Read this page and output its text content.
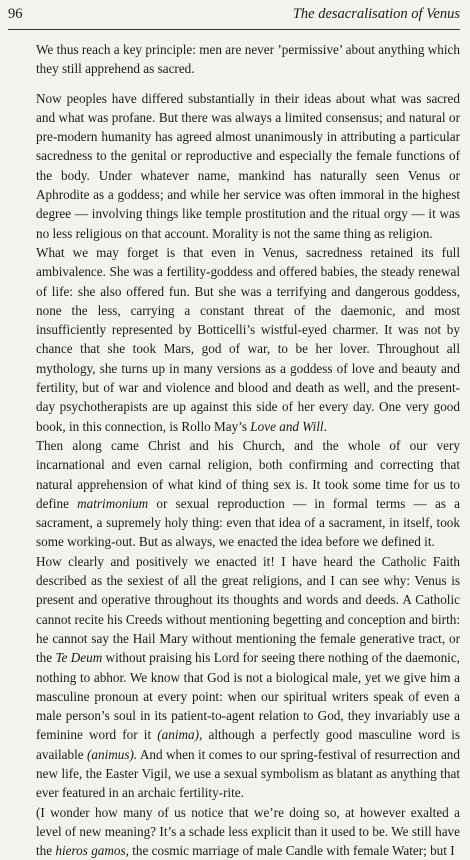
96	The desacralisation of Venus

We thus reach a key principle: men are never ’permissive’ about anything which they still apprehend as sacred.

Now peoples have differed substantially in their ideas about what was sacred and what was profane. But there was always a limited consensus; and natural or pre-modern humanity has agreed almost unanimously in attributing a particular sacredness to the genital or reproductive and especially the female functions of the body. Under whatever name, mankind has naturally seen Venus or Aphrodite as a goddess; and while her service was often immoral in the highest degree — involving things like temple prostitution and the ritual orgy — it was no less religious on that account. Morality is not the same thing as religion.

What we may forget is that even in Venus, sacredness retained its full ambivalence. She was a fertility-goddess and offered babies, the steady renewal of life: she also offered fun. But she was a terrifying and dangerous goddess, none the less, carrying a constant threat of the daemonic, and most insufficiently represented by Botticelli’s wistful-eyed charmer. It was not by chance that she took Mars, god of war, to be her lover. Throughout all mythology, she turns up in many versions as a goddess of love and beauty and fertility, but of war and violence and blood and death as well, and the present-day psychotherapists are up against this side of her every day. One very good book, in this connection, is Rollo May’s Love and Will.

Then along came Christ and his Church, and the whole of our very incarnational and even carnal religion, both confirming and correcting that natural apprehension of what kind of thing sex is. It took some time for us to define matrimonium or sexual reproduction — in formal terms — as a sacrament, a supremely holy thing: even that idea of a sacrament, in itself, took some working-out. But as always, we enacted the idea before we defined it.

How clearly and positively we enacted it! I have heard the Catholic Faith described as the sexiest of all the great religions, and I can see why: Venus is present and operative throughout its thoughts and words and deeds. A Catholic cannot recite his Creeds without mentioning begetting and conception and birth: he cannot say the Hail Mary without mentioning the female generative tract, or the Te Deum without praising his Lord for seeing there nothing of the daemonic, nothing to abhor. We know that God is not a biological male, yet we give him a masculine pronoun at every point: when our spiritual writers speak of even a male person’s soul in its patient-to-agent relation to God, they invariably use a feminine word for it (anima), although a perfectly good masculine word is available (animus). And when it comes to our spring-festival of resurrection and new life, the Easter Vigil, we use a sexual symbolism as blatant as anything that ever featured in an archaic fertility-rite.

(I wonder how many of us notice that we’re doing so, at however exalted a level of new meaning? It’s a schade less explicit than it used to be. We still have the hieros gamos, the cosmic marriage of male Candle with female Water; but I
